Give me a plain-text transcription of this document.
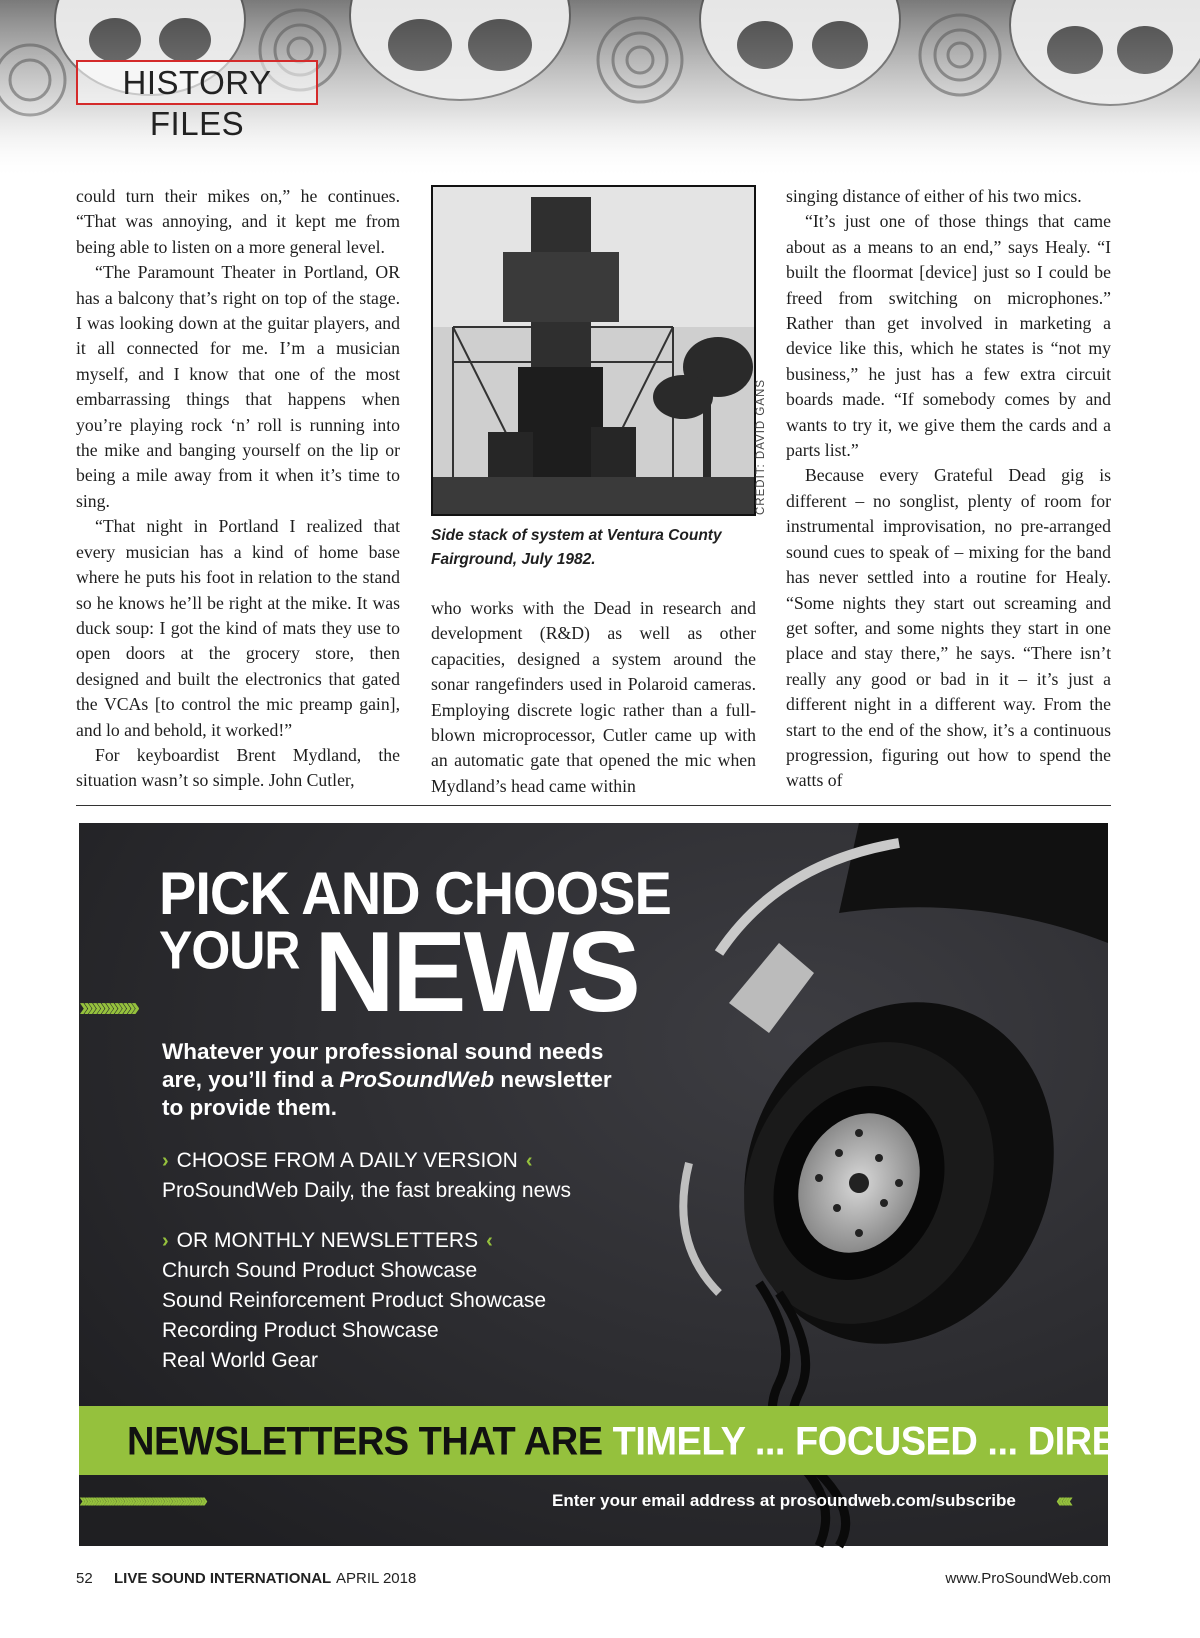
HISTORY FILES

could turn their mikes on,” he continues. “That was annoying, and it kept me from being able to listen on a more general level.

“The Paramount Theater in Portland, OR has a balcony that’s right on top of the stage. I was looking down at the guitar players, and it all connected for me. I’m a musician myself, and I know that one of the most embarrassing things that happens when you’re playing rock ‘n’ roll is running into the mike and banging yourself on the lip or being a mile away from it when it’s time to sing.

“That night in Portland I realized that every musician has a kind of home base where he puts his foot in relation to the stand so he knows he’ll be right at the mike. It was duck soup: I got the kind of mats they use to open doors at the grocery store, then designed and built the electronics that gated the VCAs [to control the mic preamp gain], and lo and behold, it worked!”

For keyboardist Brent Mydland, the situation wasn’t so simple. John Cutler,

CREDIT: DAVID GANS
Side stack of system at Ventura County Fairground, July 1982.

who works with the Dead in research and development (R&D) as well as other capacities, designed a system around the sonar rangefinders used in Polaroid cameras. Employing discrete logic rather than a full-blown microprocessor, Cutler came up with an automatic gate that opened the mic when Mydland’s head came within

singing distance of either of his two mics.

“It’s just one of those things that came about as a means to an end,” says Healy. “I built the floormat [device] just so I could be freed from switching on microphones.” Rather than get involved in marketing a device like this, which he states is “not my business,” he just has a few extra circuit boards made. “If somebody comes by and wants to try it, we give them the cards and a parts list.”

Because every Grateful Dead gig is different – no songlist, plenty of room for instrumental improvisation, no pre-arranged sound cues to speak of – mixing for the band has never settled into a routine for Healy. “Some nights they start out screaming and get softer, and some nights they start in one place and stay there,” he says. “There isn’t really any good or bad in it – it’s just a different night in a different way. From the start to the end of the show, it’s a continuous progression, figuring out how to spend the watts of

PICK AND CHOOSE
YOUR NEWS
›››››››››››››
Whatever your professional sound needs are, you’ll find a ProSoundWeb newsletter to provide them.
› CHOOSE FROM A DAILY VERSION ‹
ProSoundWeb Daily, the fast breaking news
› OR MONTHLY NEWSLETTERS ‹
Church Sound Product Showcase
Sound Reinforcement Product Showcase
Recording Product Showcase
Real World Gear
NEWSLETTERS THAT ARE TIMELY ... FOCUSED ... DIRECT
›››››››››››››››››››››››››››››››››››››››››››››››	Enter your email address at prosoundweb.com/subscribe ‹‹‹‹‹
52 LIVE SOUND INTERNATIONAL APRIL 2018	www.ProSoundWeb.com
